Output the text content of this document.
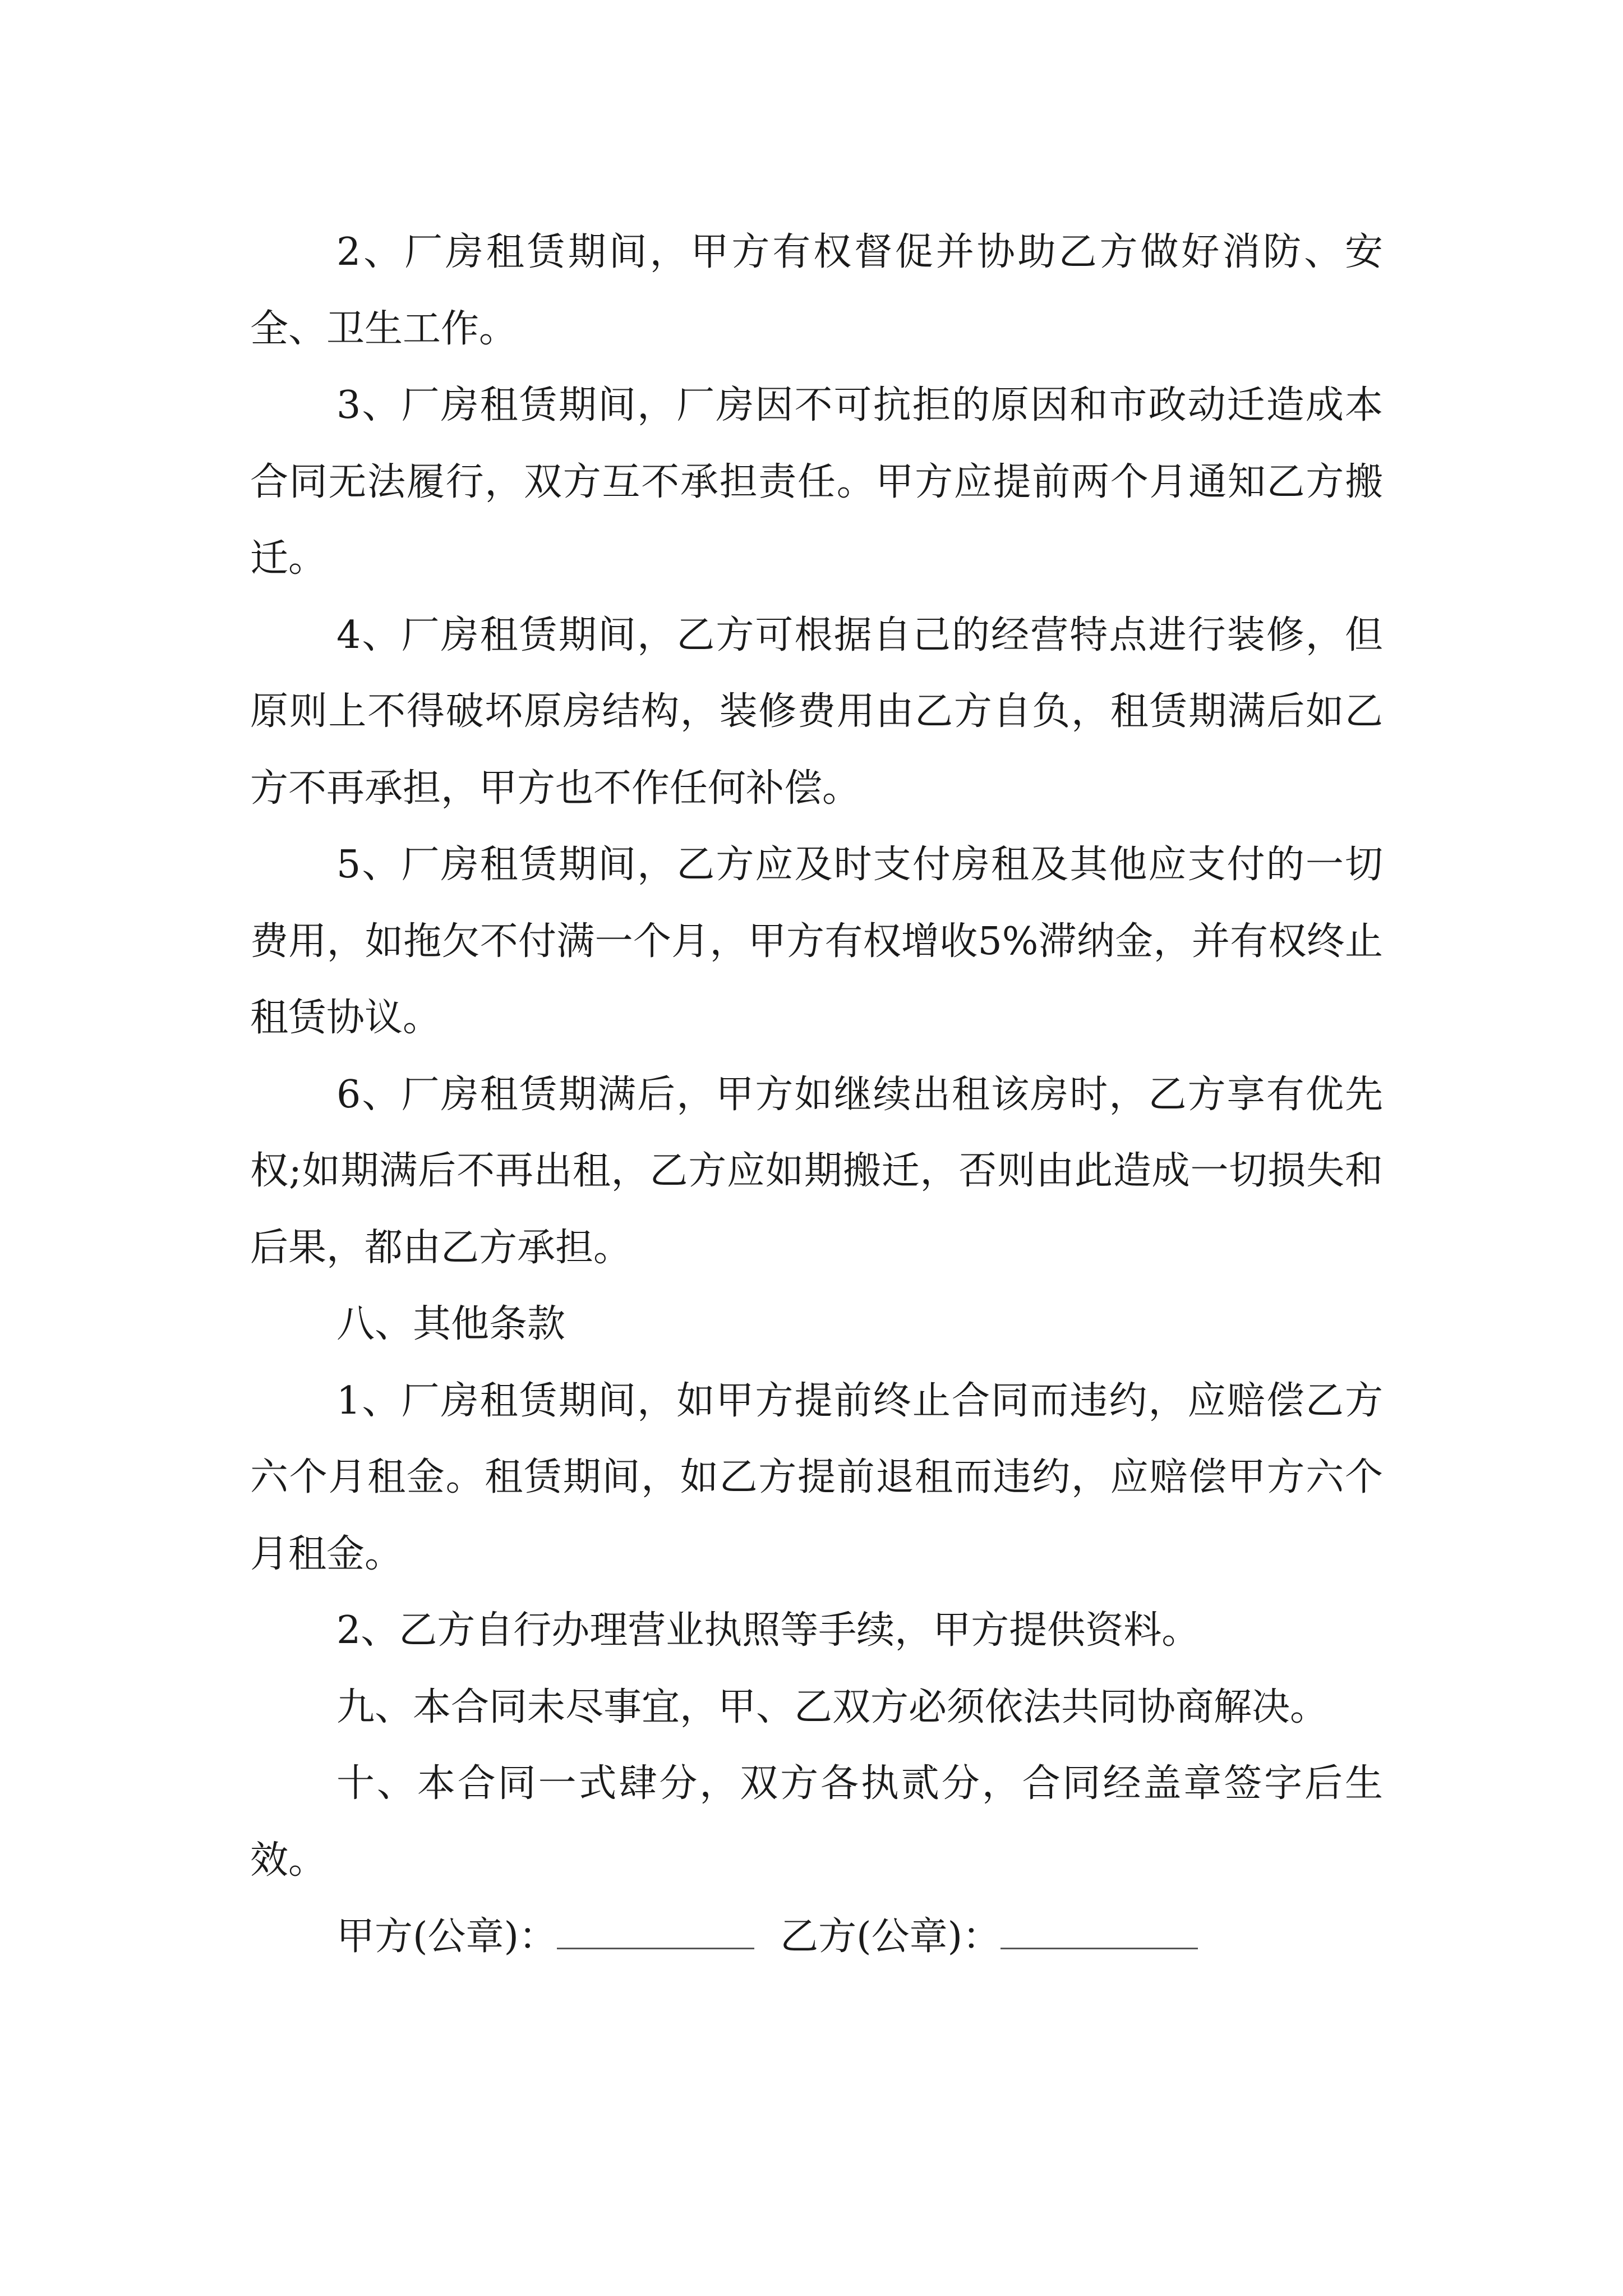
2、厂房租赁期间，甲方有权督促并协助乙方做好消防、安全、卫生工作。

3、厂房租赁期间，厂房因不可抗拒的原因和市政动迁造成本合同无法履行，双方互不承担责任。甲方应提前两个月通知乙方搬迁。

4、厂房租赁期间，乙方可根据自己的经营特点进行装修，但原则上不得破坏原房结构，装修费用由乙方自负，租赁期满后如乙方不再承担，甲方也不作任何补偿。

5、厂房租赁期间，乙方应及时支付房租及其他应支付的一切费用，如拖欠不付满一个月，甲方有权增收5%滞纳金，并有权终止租赁协议。

6、厂房租赁期满后，甲方如继续出租该房时，乙方享有优先权;如期满后不再出租，乙方应如期搬迁，否则由此造成一切损失和后果，都由乙方承担。

八、其他条款

1、厂房租赁期间，如甲方提前终止合同而违约，应赔偿乙方六个月租金。租赁期间，如乙方提前退租而违约，应赔偿甲方六个月租金。

2、乙方自行办理营业执照等手续，甲方提供资料。

九、本合同未尽事宜，甲、乙双方必须依法共同协商解决。

十、本合同一式肆分，双方各执贰分，合同经盖章签字后生效。

甲方(公章)：	乙方(公章)：
